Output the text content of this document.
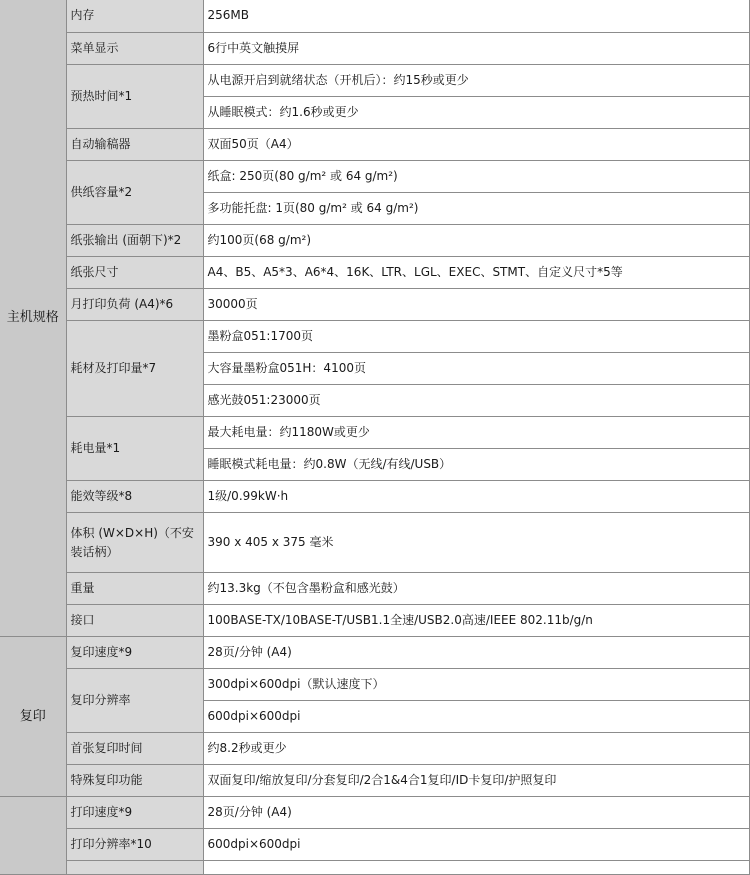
主机规格	内存	256MB
	菜单显示	6行中英文触摸屏
	预热时间*1	从电源开启到就绪状态（开机后）：约15秒或更少
		从睡眠模式：约1.6秒或更少
	自动输稿器	双面50页（A4）
	供纸容量*2	纸盒: 250页(80 g/m² 或 64 g/m²)
		多功能托盘: 1页(80 g/m² 或 64 g/m²)
	纸张输出 (面朝下)*2	约100页(68 g/m²)
	纸张尺寸	A4、B5、A5*3、A6*4、16K、LTR、LGL、EXEC、STMT、自定义尺寸*5等
	月打印负荷 (A4)*6	30000页
	耗材及打印量*7	墨粉盒051:1700页
		大容量墨粉盒051H：4100页
		感光鼓051:23000页
	耗电量*1	最大耗电量：约1180W或更少
		睡眠模式耗电量：约0.8W（无线/有线/USB）
	能效等级*8	1级/0.99kW·h
	体积 (W×D×H)（不安装话柄）	390 x 405 x 375 毫米
	重量	约13.3kg（不包含墨粉盒和感光鼓）
	接口	100BASE-TX/10BASE-T/USB1.1全速/USB2.0高速/IEEE 802.11b/g/n
复印	复印速度*9	28页/分钟 (A4)
	复印分辨率	300dpi×600dpi（默认速度下）
		600dpi×600dpi
	首张复印时间	约8.2秒或更少
	特殊复印功能	双面复印/缩放复印/分套复印/2合1&4合1复印/ID卡复印/护照复印
	打印速度*9	28页/分钟 (A4)
	打印分辨率*10	600dpi×600dpi
